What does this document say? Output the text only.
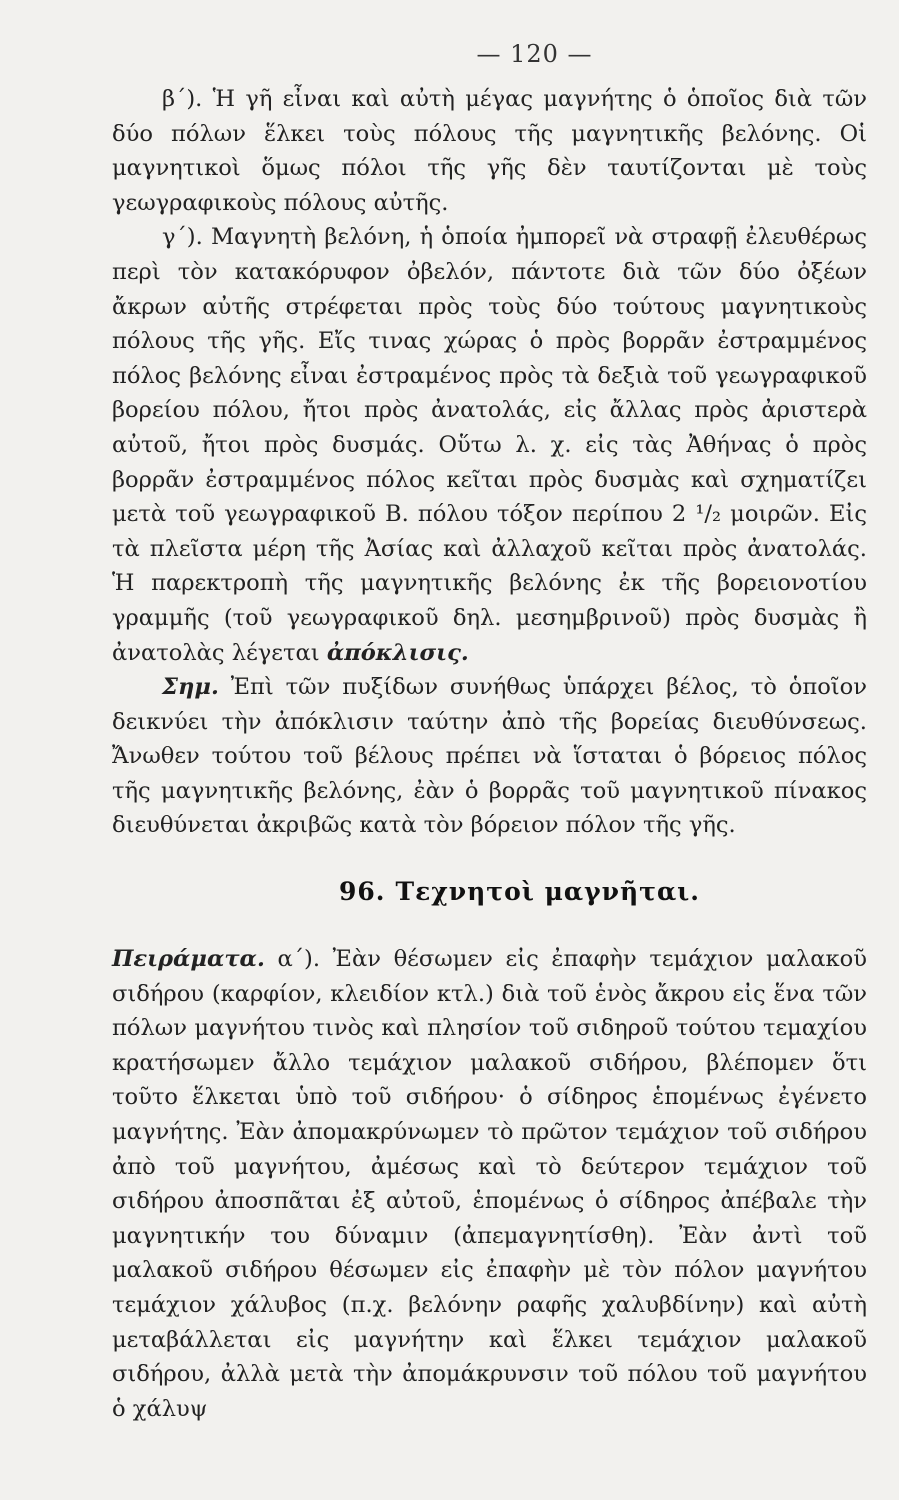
— 120 —

β΄). Ἡ γῆ εἶναι καὶ αὐτὴ μέγας μαγνήτης ὁ ὁποῖος διὰ τῶν δύο πόλων ἕλκει τοὺς πόλους τῆς μαγνητικῆς βελόνης. Οἱ μαγνητικοὶ ὅμως πόλοι τῆς γῆς δὲν ταυτίζονται μὲ τοὺς γεωγραφικοὺς πόλους αὐτῆς.

γ΄). Μαγνητὴ βελόνη, ἡ ὁποία ἠμπορεῖ νὰ στραφῇ ἐλευθέρως περὶ τὸν κατακόρυφον ὀβελόν, πάντοτε διὰ τῶν δύο ὀξέων ἄκρων αὐτῆς στρέφεται πρὸς τοὺς δύο τούτους μαγνητικοὺς πόλους τῆς γῆς. Εἴς τινας χώρας ὁ πρὸς βορρᾶν ἐστραμμένος πόλος βελόνης εἶναι ἐστραμένος πρὸς τὰ δεξιὰ τοῦ γεωγραφικοῦ βορείου πόλου, ἤτοι πρὸς ἀνατολάς, εἰς ἄλλας πρὸς ἀριστερὰ αὐτοῦ, ἤτοι πρὸς δυσμάς. Οὕτω λ. χ. εἰς τὰς Ἀθήνας ὁ πρὸς βορρᾶν ἐστραμμένος πόλος κεῖται πρὸς δυσμὰς καὶ σχηματίζει μετὰ τοῦ γεωγραφικοῦ Β. πόλου τόξον περίπου 2 ¹/₂ μοιρῶν. Εἰς τὰ πλεῖστα μέρη τῆς Ἀσίας καὶ ἀλλαχοῦ κεῖται πρὸς ἀνατολάς. Ἡ παρεκτροπὴ τῆς μαγνητικῆς βελόνης ἐκ τῆς βορειονοτίου γραμμῆς (τοῦ γεωγραφικοῦ δηλ. μεσημβρινοῦ) πρὸς δυσμὰς ἢ ἀνατολὰς λέγεται ἀπόκλισις.

Σημ. Ἐπὶ τῶν πυξίδων συνήθως ὑπάρχει βέλος, τὸ ὁποῖον δεικνύει τὴν ἀπόκλισιν ταύτην ἀπὸ τῆς βορείας διευθύνσεως. Ἄνωθεν τούτου τοῦ βέλους πρέπει νὰ ἵσταται ὁ βόρειος πόλος τῆς μαγνητικῆς βελόνης, ἐὰν ὁ βορρᾶς τοῦ μαγνητικοῦ πίνακος διευθύνεται ἀκριβῶς κατὰ τὸν βόρειον πόλον τῆς γῆς.

96. Τεχνητοὶ μαγνῆται.

Πειράματα. α΄). Ἐὰν θέσωμεν εἰς ἐπαφὴν τεμάχιον μαλακοῦ σιδήρου (καρφίον, κλειδίον κτλ.) διὰ τοῦ ἑνὸς ἄκρου εἰς ἕνα τῶν πόλων μαγνήτου τινὸς καὶ πλησίον τοῦ σιδηροῦ τούτου τεμαχίου κρατήσωμεν ἄλλο τεμάχιον μαλακοῦ σιδήρου, βλέπομεν ὅτι τοῦτο ἕλκεται ὑπὸ τοῦ σιδήρου· ὁ σίδηρος ἑπομένως ἐγένετο μαγνήτης. Ἐὰν ἀπομακρύνωμεν τὸ πρῶτον τεμάχιον τοῦ σιδήρου ἀπὸ τοῦ μαγνήτου, ἀμέσως καὶ τὸ δεύτερον τεμάχιον τοῦ σιδήρου ἀποσπᾶται ἐξ αὐτοῦ, ἑπομένως ὁ σίδηρος ἀπέβαλε τὴν μαγνητικήν του δύναμιν (ἀπεμαγνητίσθη). Ἐὰν ἀντὶ τοῦ μαλακοῦ σιδήρου θέσωμεν εἰς ἐπαφὴν μὲ τὸν πόλον μαγνήτου τεμάχιον χάλυβος (π.χ. βελόνην ραφῆς χαλυβδίνην) καὶ αὐτὴ μεταβάλλεται εἰς μαγνήτην καὶ ἕλκει τεμάχιον μαλακοῦ σιδήρου, ἀλλὰ μετὰ τὴν ἀπομάκρυνσιν τοῦ πόλου τοῦ μαγνήτου ὁ χάλυψ
